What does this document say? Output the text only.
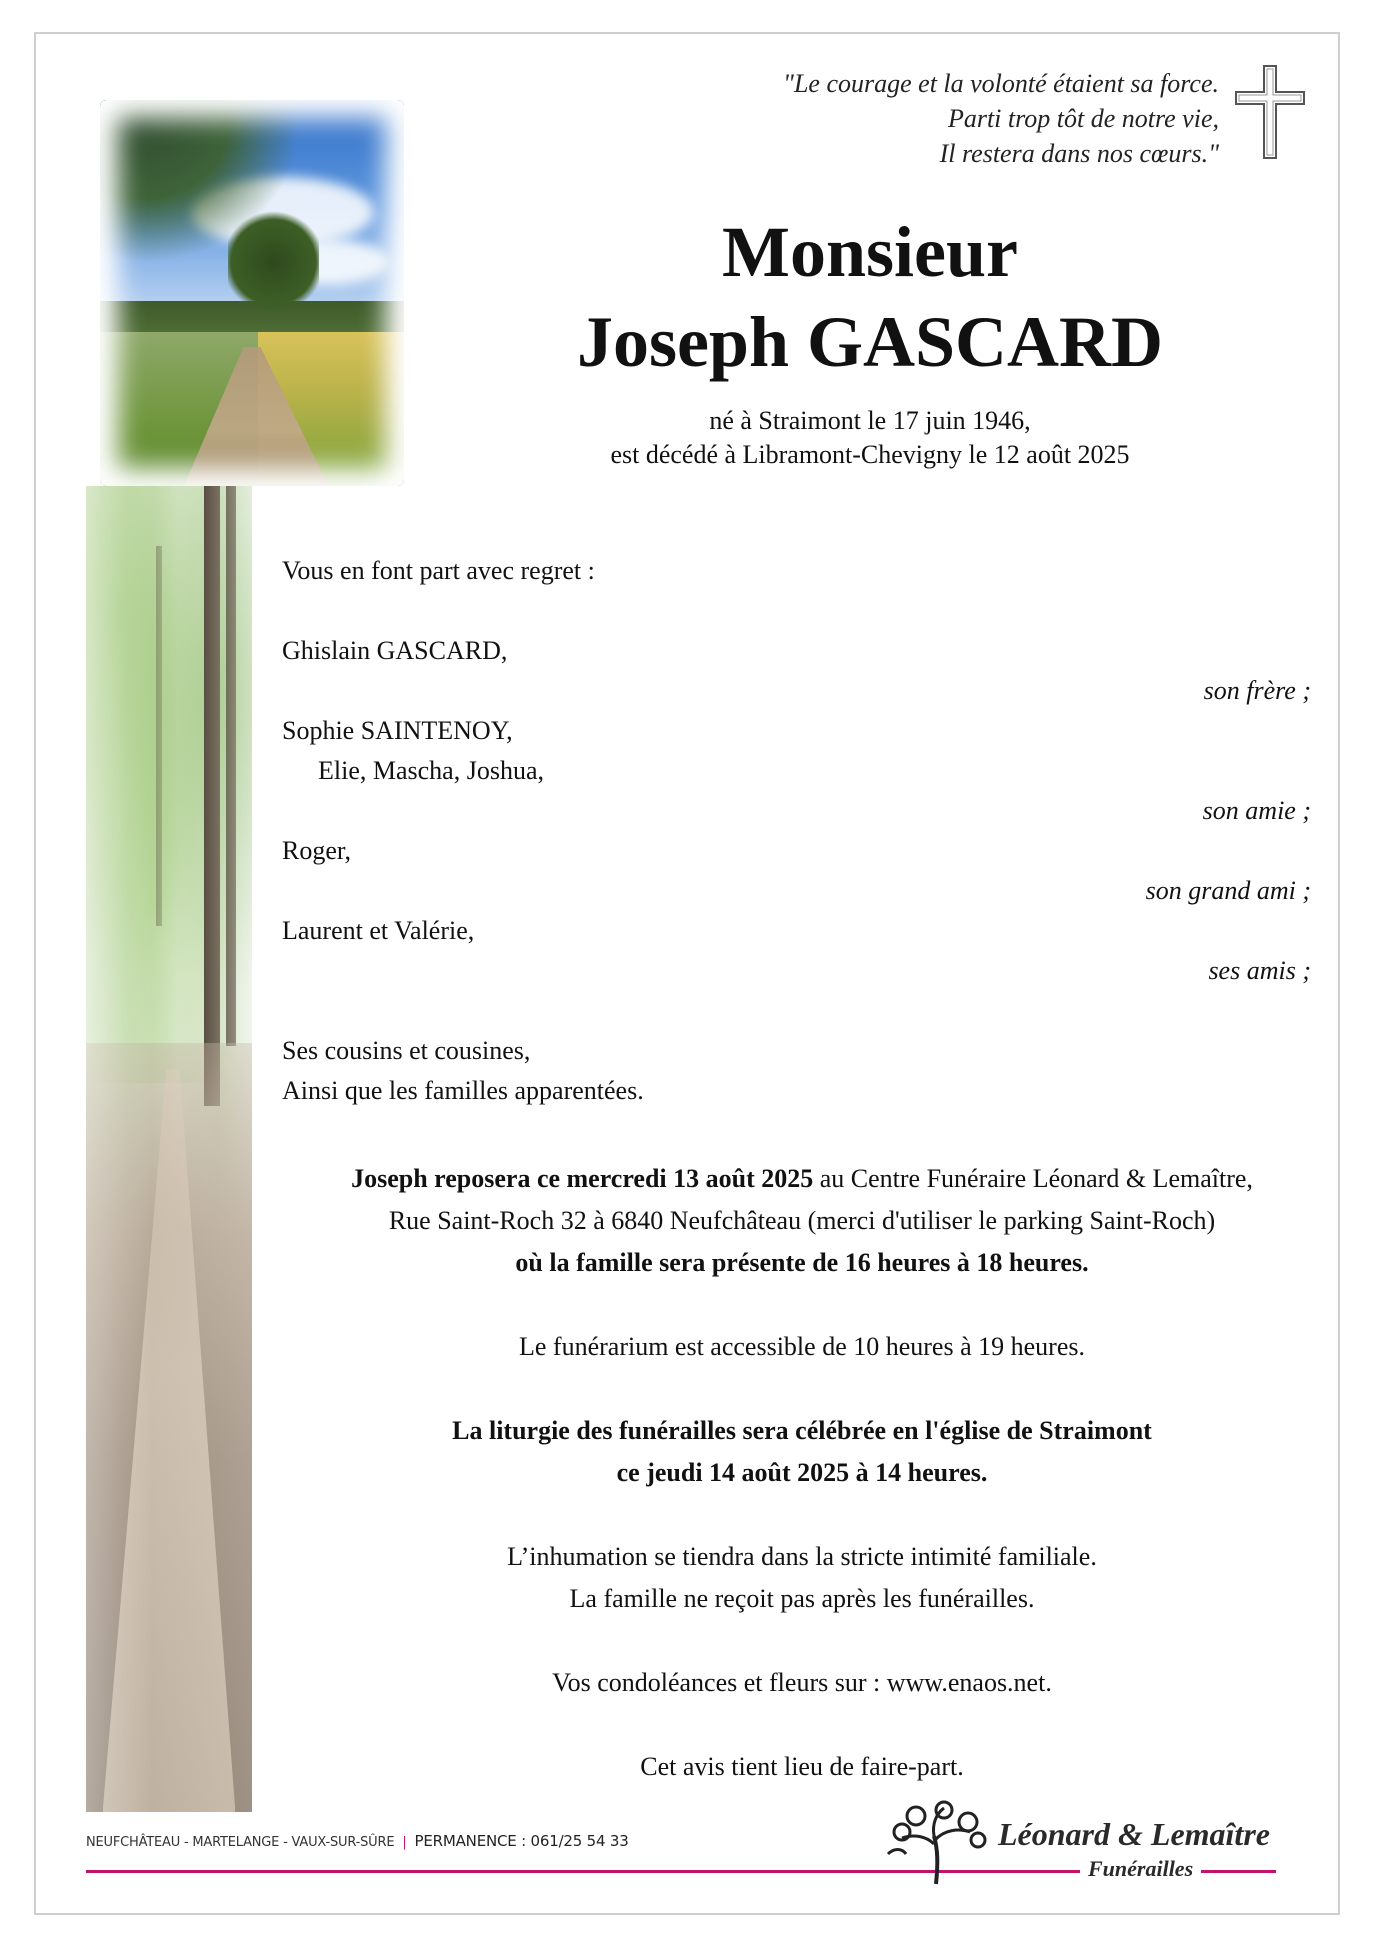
"Le courage et la volonté étaient sa force.
Parti trop tôt de notre vie,
Il restera dans nos cœurs."
Monsieur
Joseph GASCARD
né à Straimont le 17 juin 1946,
est décédé à Libramont-Chevigny le 12 août 2025
Vous en font part avec regret :
Ghislain GASCARD,
son frère ;
Sophie SAINTENOY,
Elie, Mascha, Joshua,
son amie ;
Roger,
son grand ami ;
Laurent et Valérie,
ses amis ;
Ses cousins et cousines,
Ainsi que les familles apparentées.
Joseph reposera ce mercredi 13 août 2025 au Centre Funéraire Léonard & Lemaître,
Rue Saint-Roch 32 à 6840 Neufchâteau (merci d'utiliser le parking Saint-Roch)
où la famille sera présente de 16 heures à 18 heures.
Le funérarium est accessible de 10 heures à 19 heures.
La liturgie des funérailles sera célébrée en l'église de Straimont
ce jeudi 14 août 2025 à 14 heures.
L’inhumation se tiendra dans la stricte intimité familiale.
La famille ne reçoit pas après les funérailles.
Vos condoléances et fleurs sur : www.enaos.net.
Cet avis tient lieu de faire-part.
NEUFCHÂTEAU - MARTELANGE - VAUX-SUR-SÛRE | PERMANENCE : 061/25 54 33	Léonard & Lemaître
Funérailles
